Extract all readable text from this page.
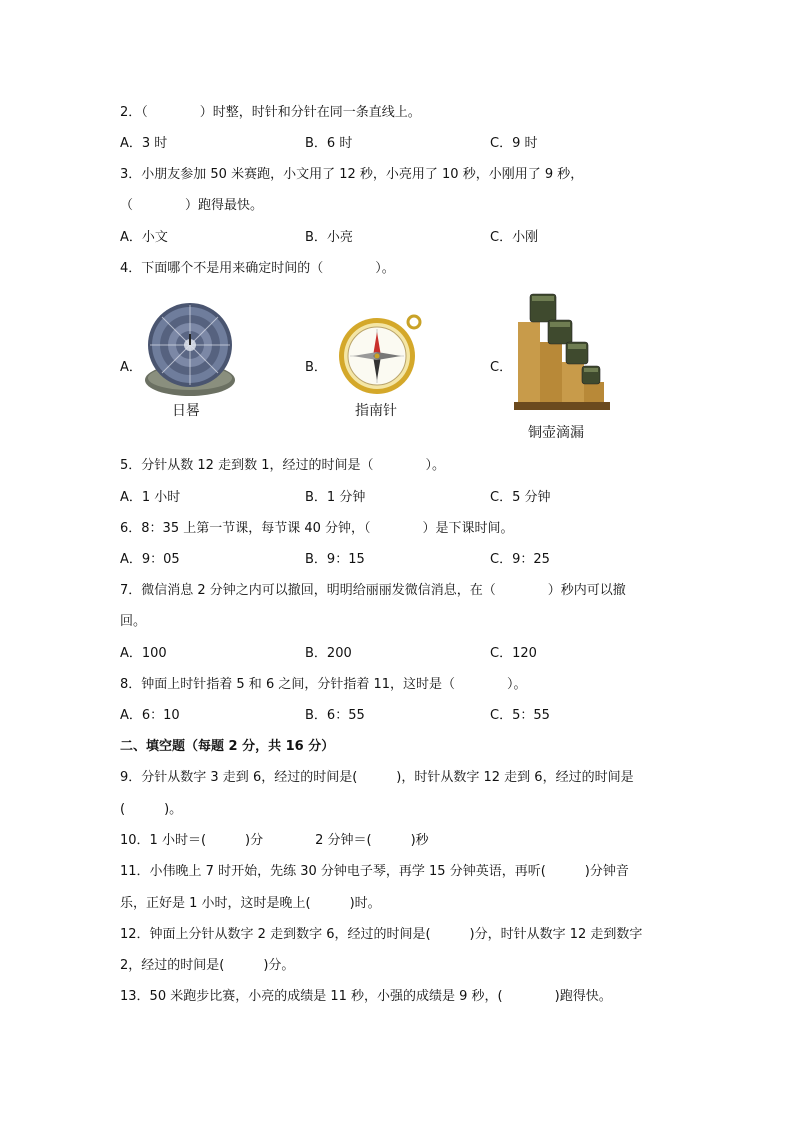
2．（　　　　）时整，时针和分针在同一条直线上。
A．3 时	B．6 时	C．9 时
3．小朋友参加 50 米赛跑，小文用了 12 秒，小亮用了 10 秒，小刚用了 9 秒，
（　　　　）跑得最快。
A．小文	B．小亮	C．小刚
4．下面哪个不是用来确定时间的（　　　　）。
A．
日晷
B．
指南针
C．
铜壶滴漏
5．分针从数 12 走到数 1，经过的时间是（　　　　）。
A．1 小时	B．1 分钟	C．5 分钟
6．8：35 上第一节课，每节课 40 分钟，（　　　　）是下课时间。
A．9：05	B．9：15	C．9：25
7．微信消息 2 分钟之内可以撤回，明明给丽丽发微信消息，在（　　　　）秒内可以撤
回。
A．100	B．200	C．120
8．钟面上时针指着 5 和 6 之间，分针指着 11，这时是（　　　　）。
A．6：10	B．6：55	C．5：55
二、填空题（每题 2 分，共 16 分）
9．分针从数字 3 走到 6，经过的时间是(　　　)，时针从数字 12 走到 6，经过的时间是
(　　　)。
10．1 小时＝(　　　)分　　　　2 分钟＝(　　　)秒
11．小伟晚上 7 时开始，先练 30 分钟电子琴，再学 15 分钟英语，再听(　　　)分钟音
乐，正好是 1 小时，这时是晚上(　　　)时。
12．钟面上分针从数字 2 走到数字 6，经过的时间是(　　　)分，时针从数字 12 走到数字
2，经过的时间是(　　　)分。
13．50 米跑步比赛，小亮的成绩是 11 秒，小强的成绩是 9 秒，(　　　　)跑得快。
